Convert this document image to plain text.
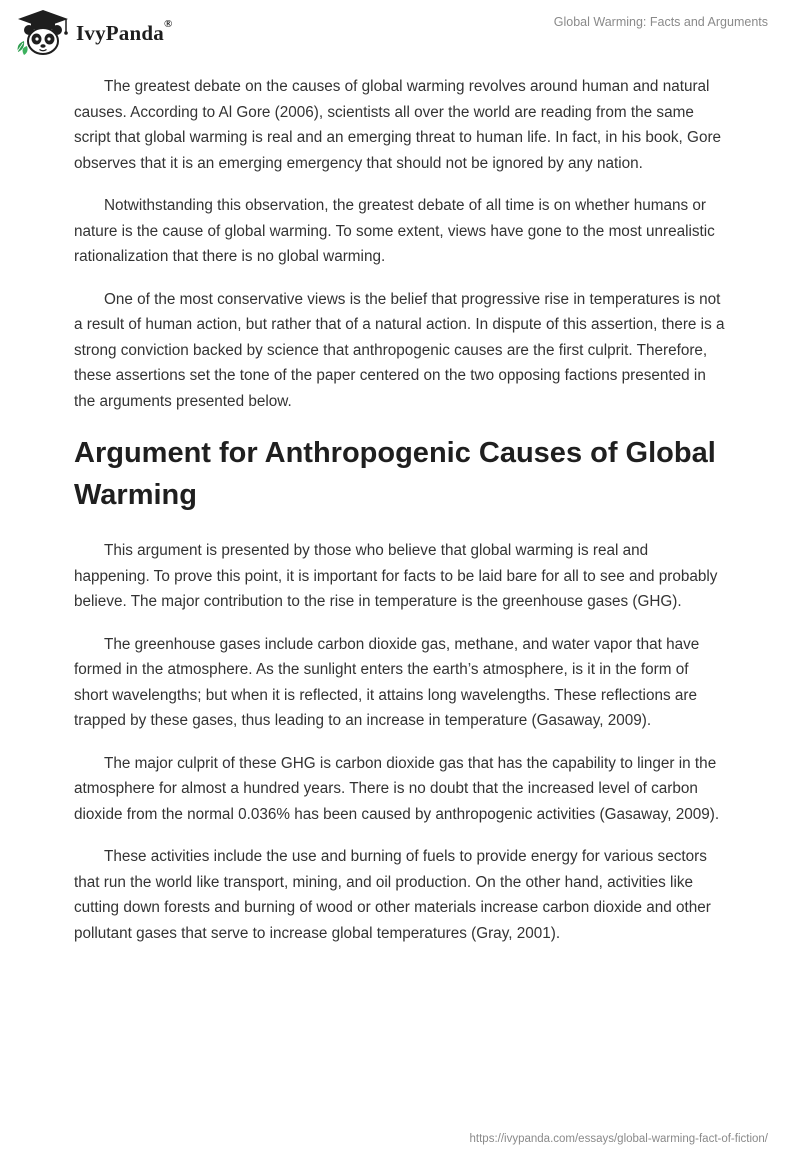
IvyPanda®	Global Warming: Facts and Arguments

The greatest debate on the causes of global warming revolves around human and natural causes. According to Al Gore (2006), scientists all over the world are reading from the same script that global warming is real and an emerging threat to human life. In fact, in his book, Gore observes that it is an emerging emergency that should not be ignored by any nation.

Notwithstanding this observation, the greatest debate of all time is on whether humans or nature is the cause of global warming. To some extent, views have gone to the most unrealistic rationalization that there is no global warming.

One of the most conservative views is the belief that progressive rise in temperatures is not a result of human action, but rather that of a natural action. In dispute of this assertion, there is a strong conviction backed by science that anthropogenic causes are the first culprit. Therefore, these assertions set the tone of the paper centered on the two opposing factions presented in the arguments presented below.

Argument for Anthropogenic Causes of Global Warming

This argument is presented by those who believe that global warming is real and happening. To prove this point, it is important for facts to be laid bare for all to see and probably believe. The major contribution to the rise in temperature is the greenhouse gases (GHG).

The greenhouse gases include carbon dioxide gas, methane, and water vapor that have formed in the atmosphere. As the sunlight enters the earth’s atmosphere, is it in the form of short wavelengths; but when it is reflected, it attains long wavelengths. These reflections are trapped by these gases, thus leading to an increase in temperature (Gasaway, 2009).

The major culprit of these GHG is carbon dioxide gas that has the capability to linger in the atmosphere for almost a hundred years. There is no doubt that the increased level of carbon dioxide from the normal 0.036% has been caused by anthropogenic activities (Gasaway, 2009).

These activities include the use and burning of fuels to provide energy for various sectors that run the world like transport, mining, and oil production. On the other hand, activities like cutting down forests and burning of wood or other materials increase carbon dioxide and other pollutant gases that serve to increase global temperatures (Gray, 2001).

https://ivypanda.com/essays/global-warming-fact-of-fiction/
